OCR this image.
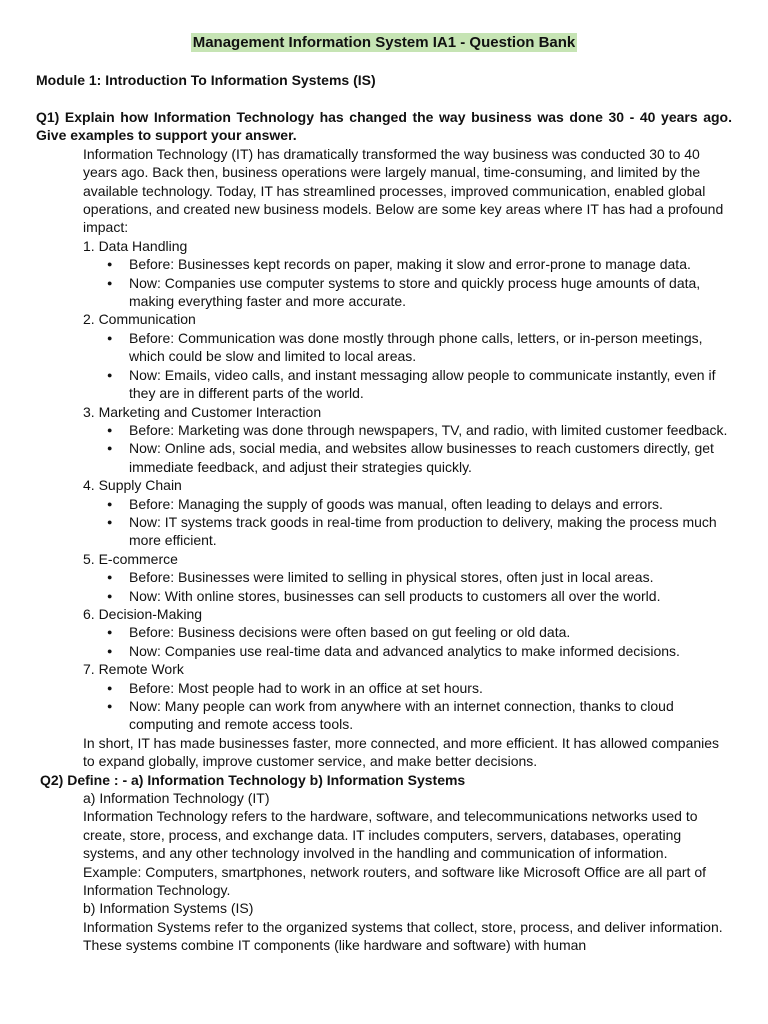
Management Information System IA1 - Question Bank
Module 1: Introduction To Information Systems (IS)
Q1) Explain how Information Technology has changed the way business was done 30 - 40 years ago. Give examples to support your answer.

Information Technology (IT) has dramatically transformed the way business was conducted 30 to 40 years ago. Back then, business operations were largely manual, time-consuming, and limited by the available technology. Today, IT has streamlined processes, improved communication, enabled global operations, and created new business models. Below are some key areas where IT has had a profound impact:

1. Data Handling

● Before: Businesses kept records on paper, making it slow and error-prone to manage data.
● Now: Companies use computer systems to store and quickly process huge amounts of data, making everything faster and more accurate.

2. Communication

● Before: Communication was done mostly through phone calls, letters, or in-person meetings, which could be slow and limited to local areas.
● Now: Emails, video calls, and instant messaging allow people to communicate instantly, even if they are in different parts of the world.

3. Marketing and Customer Interaction

● Before: Marketing was done through newspapers, TV, and radio, with limited customer feedback.
● Now: Online ads, social media, and websites allow businesses to reach customers directly, get immediate feedback, and adjust their strategies quickly.

4. Supply Chain

● Before: Managing the supply of goods was manual, often leading to delays and errors.
● Now: IT systems track goods in real-time from production to delivery, making the process much more efficient.

5. E-commerce

● Before: Businesses were limited to selling in physical stores, often just in local areas.
● Now: With online stores, businesses can sell products to customers all over the world.

6. Decision-Making

● Before: Business decisions were often based on gut feeling or old data.
● Now: Companies use real-time data and advanced analytics to make informed decisions.

7. Remote Work

● Before: Most people had to work in an office at set hours.
● Now: Many people can work from anywhere with an internet connection, thanks to cloud computing and remote access tools.

In short, IT has made businesses faster, more connected, and more efficient. It has allowed companies to expand globally, improve customer service, and make better decisions.

Q2) Define : - a) Information Technology b) Information Systems

a) Information Technology (IT)

Information Technology refers to the hardware, software, and telecommunications networks used to create, store, process, and exchange data. IT includes computers, servers, databases, operating systems, and any other technology involved in the handling and communication of information.

Example: Computers, smartphones, network routers, and software like Microsoft Office are all part of Information Technology.

b) Information Systems (IS)

Information Systems refer to the organized systems that collect, store, process, and deliver information. These systems combine IT components (like hardware and software) with human
